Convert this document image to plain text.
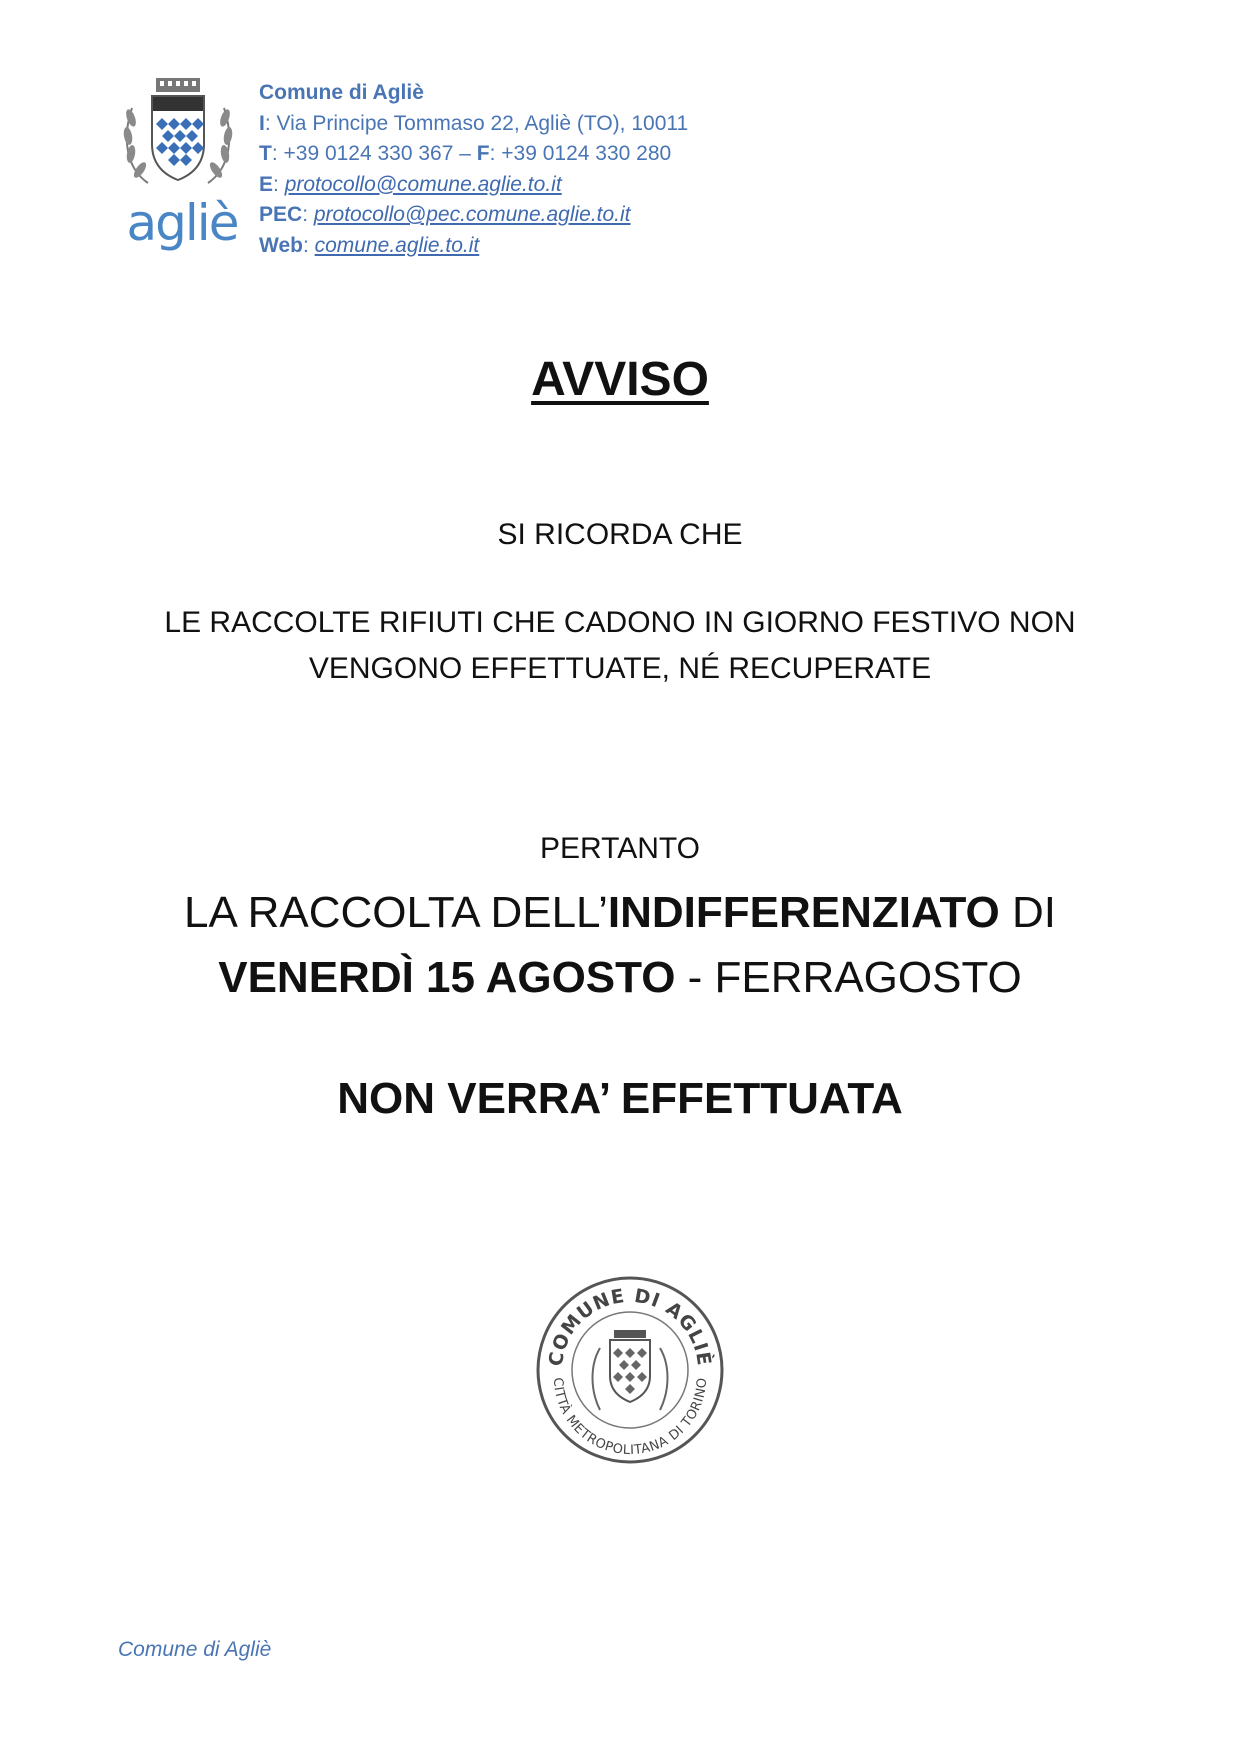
agliè
Comune di Agliè
I: Via Principe Tommaso 22, Agliè (TO), 10011
T: +39 0124 330 367 – F: +39 0124 330 280
E: protocollo@comune.aglie.to.it
PEC: protocollo@pec.comune.aglie.to.it
Web: comune.aglie.to.it
AVVISO
SI RICORDA CHE
LE RACCOLTE RIFIUTI CHE CADONO IN GIORNO FESTIVO NON
VENGONO EFFETTUATE, NÉ RECUPERATE
PERTANTO
LA RACCOLTA DELL’INDIFFERENZIATO DI
VENERDÌ 15 AGOSTO - FERRAGOSTO
NON VERRA’ EFFETTUATA
COMUNE DI AGLIÈ
CITTÀ METROPOLITANA DI TORINO
Comune di Agliè
